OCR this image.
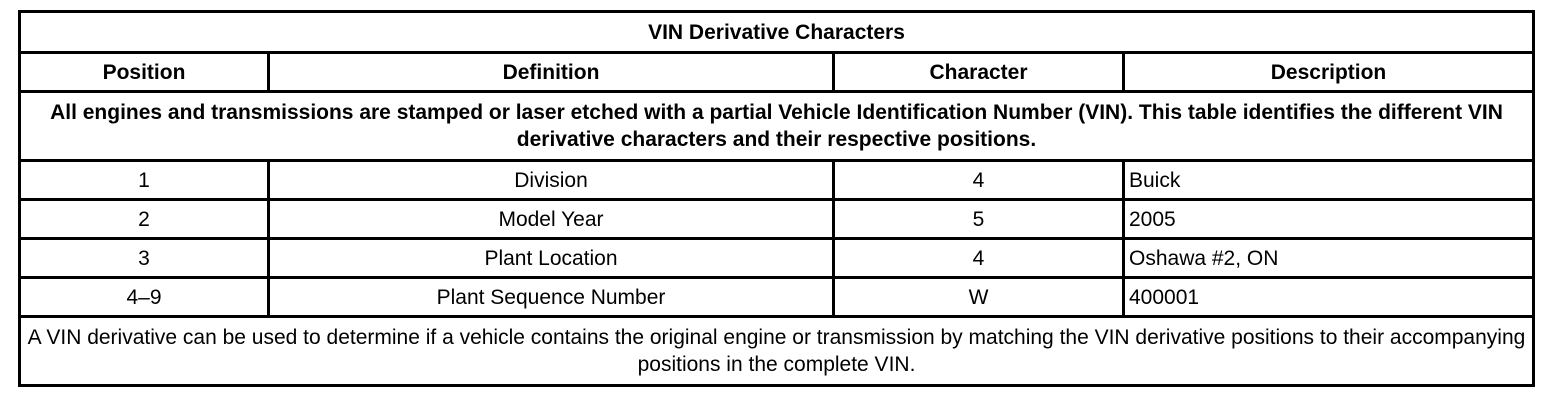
VIN Derivative Characters			
Position	Definition	Character	Description
All engines and transmissions are stamped or laser etched with a partial Vehicle Identification Number (VIN). This table identifies the different VIN derivative characters and their respective positions.			
1	Division	4	Buick
2	Model Year	5	2005
3	Plant Location	4	Oshawa #2, ON
4–9	Plant Sequence Number	W	400001
A VIN derivative can be used to determine if a vehicle contains the original engine or transmission by matching the VIN derivative positions to their accompanying positions in the complete VIN.			
